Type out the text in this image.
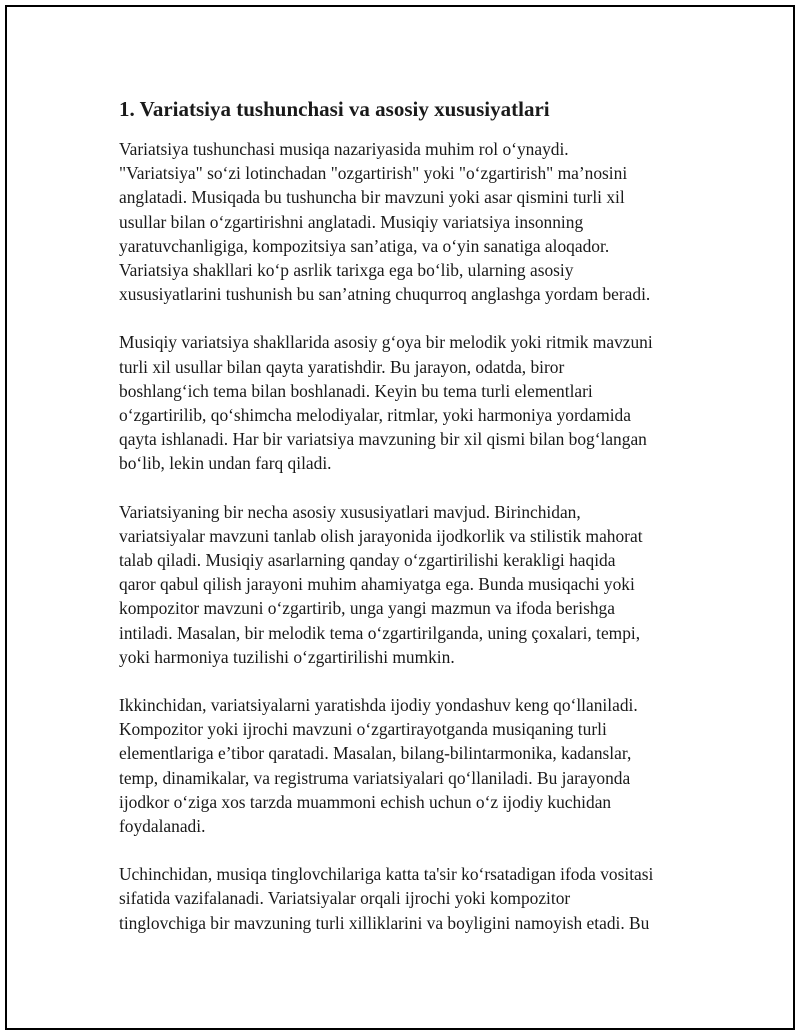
1. Variatsiya tushunchasi va asosiy xususiyatlari

Variatsiya tushunchasi musiqa nazariyasida muhim rol o‘ynaydi.
"Variatsiya" so‘zi lotinchadan "ozgartirish" yoki "o‘zgartirish" ma’nosini
anglatadi. Musiqada bu tushuncha bir mavzuni yoki asar qismini turli xil
usullar bilan o‘zgartirishni anglatadi. Musiqiy variatsiya insonning
yaratuvchanligiga, kompozitsiya san’atiga, va o‘yin sanatiga aloqador.
Variatsiya shakllari ko‘p asrlik tarixga ega bo‘lib, ularning asosiy
xususiyatlarini tushunish bu san’atning chuqurroq anglashga yordam beradi.

Musiqiy variatsiya shakllarida asosiy g‘oya bir melodik yoki ritmik mavzuni
turli xil usullar bilan qayta yaratishdir. Bu jarayon, odatda, biror
boshlang‘ich tema bilan boshlanadi. Keyin bu tema turli elementlari
o‘zgartirilib, qo‘shimcha melodiyalar, ritmlar, yoki harmoniya yordamida
qayta ishlanadi. Har bir variatsiya mavzuning bir xil qismi bilan bog‘langan
bo‘lib, lekin undan farq qiladi.

Variatsiyaning bir necha asosiy xususiyatlari mavjud. Birinchidan,
variatsiyalar mavzuni tanlab olish jarayonida ijodkorlik va stilistik mahorat
talab qiladi. Musiqiy asarlarning qanday o‘zgartirilishi kerakligi haqida
qaror qabul qilish jarayoni muhim ahamiyatga ega. Bunda musiqachi yoki
kompozitor mavzuni o‘zgartirib, unga yangi mazmun va ifoda berishga
intiladi. Masalan, bir melodik tema o‘zgartirilganda, uning çoxalari, tempi,
yoki harmoniya tuzilishi o‘zgartirilishi mumkin.

Ikkinchidan, variatsiyalarni yaratishda ijodiy yondashuv keng qo‘llaniladi.
Kompozitor yoki ijrochi mavzuni o‘zgartirayotganda musiqaning turli
elementlariga e’tibor qaratadi. Masalan, bilang-bilintarmonika, kadanslar,
temp, dinamikalar, va registruma variatsiyalari qo‘llaniladi. Bu jarayonda
ijodkor o‘ziga xos tarzda muammoni echish uchun o‘z ijodiy kuchidan
foydalanadi.

Uchinchidan, musiqa tinglovchilariga katta ta'sir ko‘rsatadigan ifoda vositasi
sifatida vazifalanadi. Variatsiyalar orqali ijrochi yoki kompozitor
tinglovchiga bir mavzuning turli xilliklarini va boyligini namoyish etadi. Bu
